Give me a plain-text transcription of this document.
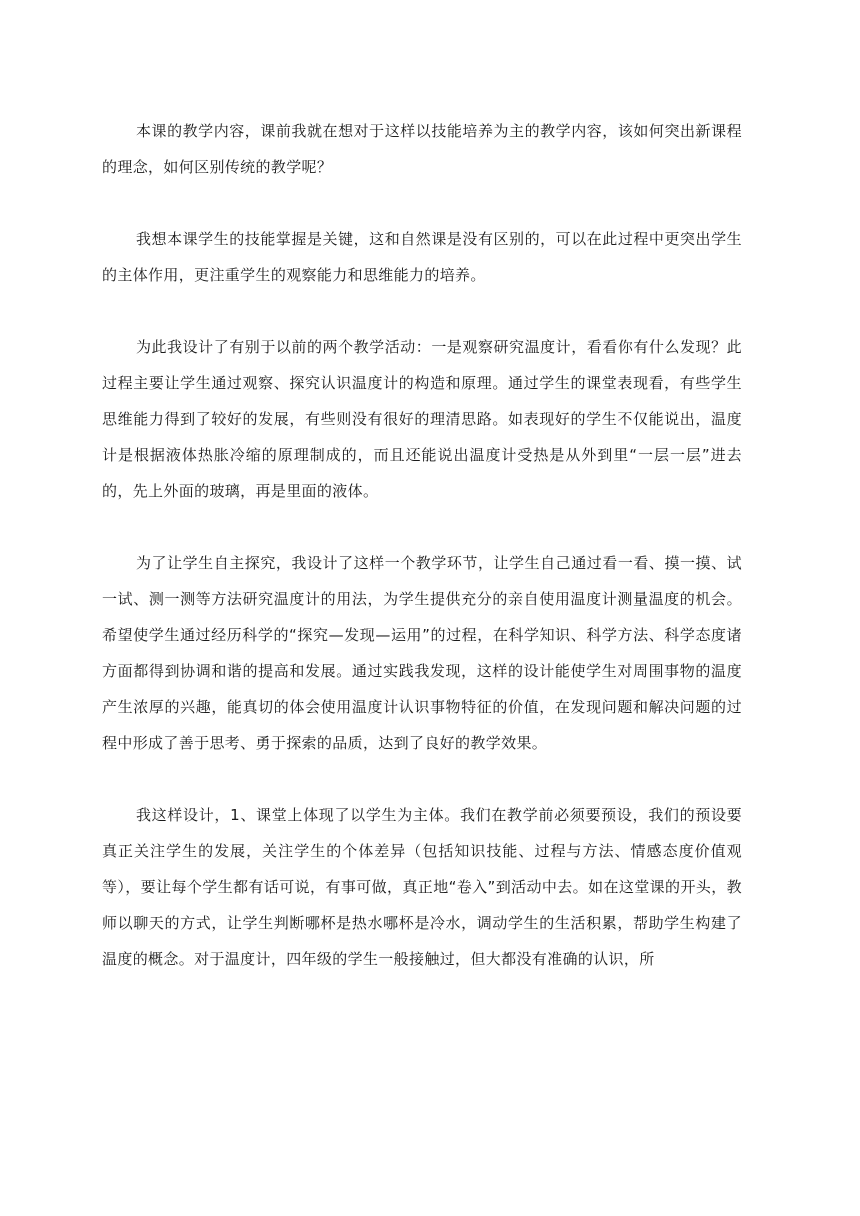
本课的教学内容，课前我就在想对于这样以技能培养为主的教学内容，该如何突出新课程的理念，如何区别传统的教学呢？

我想本课学生的技能掌握是关键，这和自然课是没有区别的，可以在此过程中更突出学生的主体作用，更注重学生的观察能力和思维能力的培养。

为此我设计了有别于以前的两个教学活动：一是观察研究温度计，看看你有什么发现？此过程主要让学生通过观察、探究认识温度计的构造和原理。通过学生的课堂表现看，有些学生思维能力得到了较好的发展，有些则没有很好的理清思路。如表现好的学生不仅能说出，温度计是根据液体热胀冷缩的原理制成的，而且还能说出温度计受热是从外到里“一层一层”进去的，先上外面的玻璃，再是里面的液体。

为了让学生自主探究，我设计了这样一个教学环节，让学生自己通过看一看、摸一摸、试一试、测一测等方法研究温度计的用法，为学生提供充分的亲自使用温度计测量温度的机会。希望使学生通过经历科学的“探究—发现—运用”的过程，在科学知识、科学方法、科学态度诸方面都得到协调和谐的提高和发展。通过实践我发现，这样的设计能使学生对周围事物的温度产生浓厚的兴趣，能真切的体会使用温度计认识事物特征的价值，在发现问题和解决问题的过程中形成了善于思考、勇于探索的品质，达到了良好的教学效果。

我这样设计，1、课堂上体现了以学生为主体。我们在教学前必须要预设，我们的预设要真正关注学生的发展，关注学生的个体差异（包括知识技能、过程与方法、情感态度价值观等），要让每个学生都有话可说，有事可做，真正地“卷入”到活动中去。如在这堂课的开头，教师以聊天的方式，让学生判断哪杯是热水哪杯是冷水，调动学生的生活积累，帮助学生构建了温度的概念。对于温度计，四年级的学生一般接触过，但大都没有准确的认识，所
